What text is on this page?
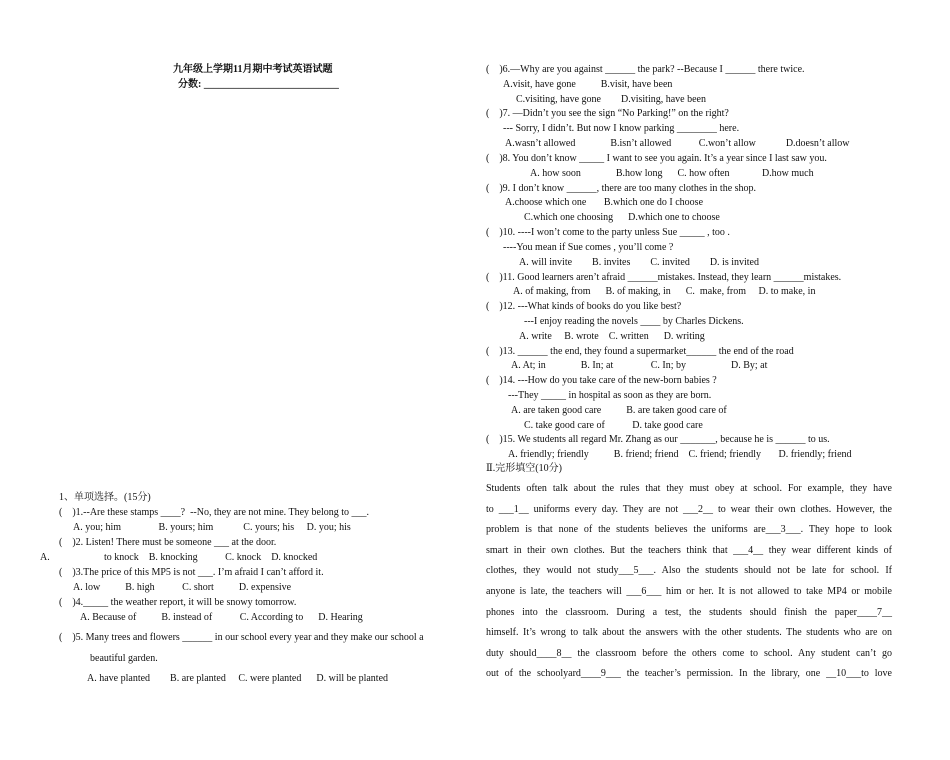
九年级上学期11月期中考试英语试题
分数: ___________________________
1、单项选择。(15分)
(    )1.--Are these stamps ____?  --No, they are not mine. They belong to ___.
A. you; him               B. yours; him            C. yours; his     D. you; his
(    )2. Listen! There must be someone ___ at the door.
A.	to knock    B. knocking           C. knock    D. knocked
(    )3.The price of this MP5 is not ___. I’m afraid I can’t afford it.
A. low          B. high           C. short          D. expensive
(    )4._____ the weather report, it will be snowy tomorrow.
A. Because of          B. instead of           C. According to      D. Hearing
(    )5. Many trees and flowers ______ in our school every year and they make our school a
beautiful garden.
A. have planted        B. are planted     C. were planted      D. will be planted
(    )6.—Why are you against ______ the park? --Because I ______ there twice.
A.visit, have gone          B.visit, have been
C.visiting, have gone        D.visiting, have been
(    )7. —Didn’t you see the sign “No Parking!” on the right?
--- Sorry, I didn’t. But now I know parking ________ here.
A.wasn’t allowed              B.isn’t allowed           C.won’t allow            D.doesn’t allow
(    )8. You don’t know _____ I want to see you again. It’s a year since I last saw you.
A. how soon              B.how long      C. how often             D.how much
(    )9. I don’t know ______, there are too many clothes in the shop.
A.choose which one       B.which one do I choose
C.which one choosing      D.which one to choose
(    )10. ----I won’t come to the party unless Sue _____ , too .
----You mean if Sue comes , you’ll come ?
A. will invite        B. invites        C. invited        D. is invited
(    )11. Good learners aren’t afraid ______mistakes. Instead, they learn ______mistakes.
A. of making, from      B. of making, in      C.  make, from     D. to make, in
(    )12. ---What kinds of books do you like best?
---I enjoy reading the novels ____ by Charles Dickens.
A. write     B. wrote    C. written      D. writing
(    )13. ______ the end, they found a supermarket______ the end of the road
A. At; in              B. In; at               C. In; by                  D. By; at
(    )14. ---How do you take care of the new-born babies ?
---They _____ in hospital as soon as they are born.
A. are taken good care          B. are taken good care of
C. take good care of           D. take good care
(    )15. We students all regard Mr. Zhang as our _______, because he is ______ to us.
A. friendly; friendly          B. friend; friend    C. friend; friendly       D. friendly; friend
Ⅱ.完形填空(10分)
Students often talk about the rules that they must obey at school. For example, they have
to ___1__ uniforms every day. They are not ___2__ to wear their own clothes. However, the
problem is that none of the students believes the uniforms are___3___. They hope to look
smart in their own clothes. But the teachers think that ___4__ they wear different kinds of
clothes, they would not study___5___. Also the students should not be late for school. If
anyone is late, the teachers will ___6___ him or her. It is not allowed to take MP4 or mobile
phones into the classroom. During a test, the students should finish the paper____7__
himself. It’s wrong to talk about the answers with the other students. The students who are on
duty should____8__ the classroom before the others come to school. Any student can’t go
out of the schoolyard____9___ the teacher’s permission. In the library, one __10___to love
